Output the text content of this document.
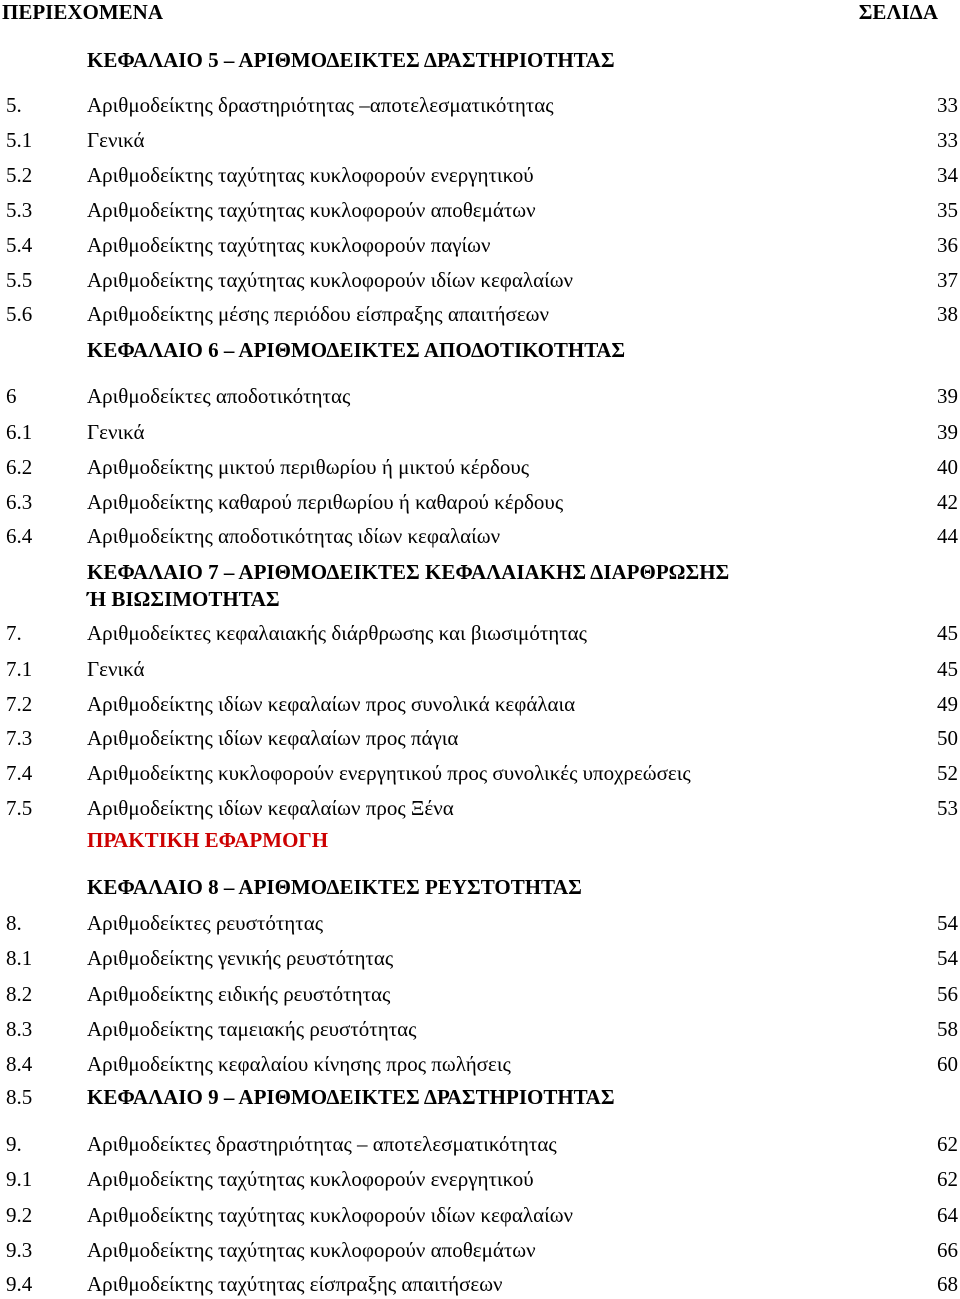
ΠΕΡΙΕΧΟΜΕΝΑ	ΣΕΛΙΔΑ
ΚΕΦΑΛΑΙΟ 5 – ΑΡΙΘΜΟΔΕΙΚΤΕΣ ΔΡΑΣΤΗΡΙΟΤΗΤΑΣ
5.	Αριθμοδείκτης δραστηριότητας –αποτελεσματικότητας	33
5.1	Γενικά	33
5.2	Αριθμοδείκτης ταχύτητας κυκλοφορούν ενεργητικού	34
5.3	Αριθμοδείκτης ταχύτητας κυκλοφορούν αποθεμάτων	35
5.4	Αριθμοδείκτης ταχύτητας κυκλοφορούν παγίων	36
5.5	Αριθμοδείκτης ταχύτητας κυκλοφορούν ιδίων κεφαλαίων	37
5.6	Αριθμοδείκτης μέσης περιόδου είσπραξης απαιτήσεων	38
ΚΕΦΑΛΑΙΟ 6 – ΑΡΙΘΜΟΔΕΙΚΤΕΣ ΑΠΟΔΟΤΙΚΟΤΗΤΑΣ
6	Αριθμοδείκτες αποδοτικότητας	39
6.1	Γενικά	39
6.2	Αριθμοδείκτης μικτού περιθωρίου ή μικτού κέρδους	40
6.3	Αριθμοδείκτης καθαρού περιθωρίου ή καθαρού κέρδους	42
6.4	Αριθμοδείκτης αποδοτικότητας ιδίων κεφαλαίων	44
ΚΕΦΑΛΑΙΟ 7 – ΑΡΙΘΜΟΔΕΙΚΤΕΣ ΚΕΦΑΛΑΙΑΚΗΣ ΔΙΑΡΘΡΩΣΗΣ
Ή ΒΙΩΣΙΜΟΤΗΤΑΣ
7.	Αριθμοδείκτες κεφαλαιακής διάρθρωσης και βιωσιμότητας	45
7.1	Γενικά	45
7.2	Αριθμοδείκτης ιδίων κεφαλαίων προς συνολικά κεφάλαια	49
7.3	Αριθμοδείκτης ιδίων κεφαλαίων προς πάγια	50
7.4	Αριθμοδείκτης κυκλοφορούν ενεργητικού προς συνολικές υποχρεώσεις	52
7.5	Αριθμοδείκτης ιδίων κεφαλαίων προς Ξένα	53
ΠΡΑΚΤΙΚΗ ΕΦΑΡΜΟΓΗ
ΚΕΦΑΛΑΙΟ 8 – ΑΡΙΘΜΟΔΕΙΚΤΕΣ ΡΕΥΣΤΟΤΗΤΑΣ
8.	Αριθμοδείκτες ρευστότητας	54
8.1	Αριθμοδείκτης γενικής ρευστότητας	54
8.2	Αριθμοδείκτης ειδικής ρευστότητας	56
8.3	Αριθμοδείκτης ταμειακής ρευστότητας	58
8.4	Αριθμοδείκτης κεφαλαίου κίνησης προς πωλήσεις	60
8.5	ΚΕΦΑΛΑΙΟ 9 – ΑΡΙΘΜΟΔΕΙΚΤΕΣ ΔΡΑΣΤΗΡΙΟΤΗΤΑΣ
9.	Αριθμοδείκτες δραστηριότητας – αποτελεσματικότητας	62
9.1	Αριθμοδείκτης ταχύτητας κυκλοφορούν ενεργητικού	62
9.2	Αριθμοδείκτης ταχύτητας κυκλοφορούν ιδίων κεφαλαίων	64
9.3	Αριθμοδείκτης ταχύτητας κυκλοφορούν αποθεμάτων	66
9.4	Αριθμοδείκτης ταχύτητας είσπραξης απαιτήσεων	68
